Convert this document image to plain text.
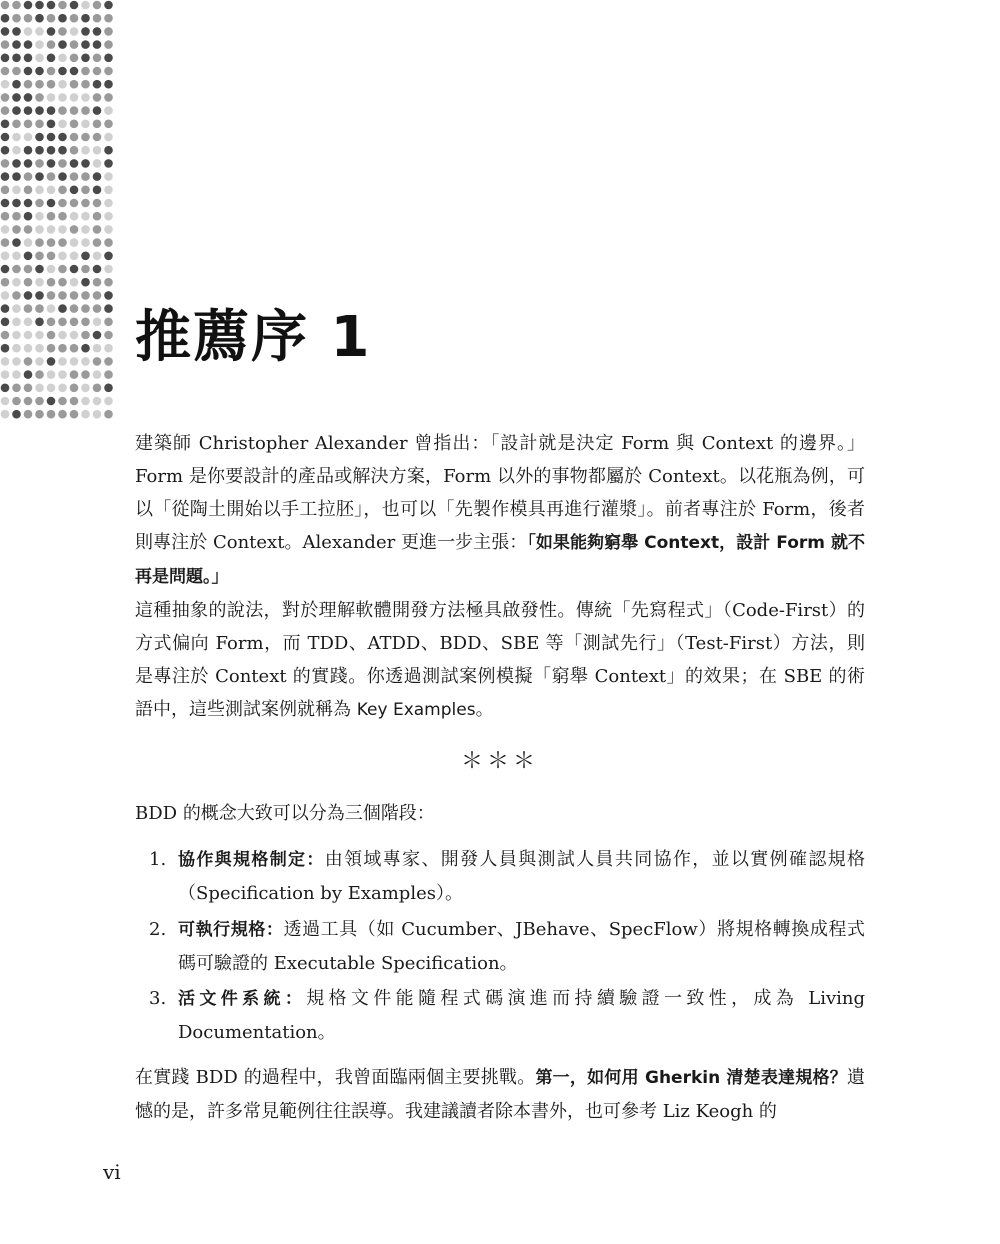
推薦序 1

建築師 Christopher Alexander 曾指出：「設計就是決定 Form 與 Context 的邊界。」Form 是你要設計的產品或解決方案，Form 以外的事物都屬於 Context。以花瓶為例，可以「從陶土開始以手工拉胚」，也可以「先製作模具再進行灌漿」。前者專注於 Form，後者則專注於 Context。Alexander 更進一步主張：「如果能夠窮舉 Context，設計 Form 就不再是問題。」

這種抽象的說法，對於理解軟體開發方法極具啟發性。傳統「先寫程式」（Code-First）的方式偏向 Form，而 TDD、ATDD、BDD、SBE 等「測試先行」（Test-First）方法，則是專注於 Context 的實踐。你透過測試案例模擬「窮舉 Context」的效果；在 SBE 的術語中，這些測試案例就稱為 Key Examples。

＊＊＊

BDD 的概念大致可以分為三個階段：

1. 協作與規格制定：由領域專家、開發人員與測試人員共同協作，並以實例確認規格（Specification by Examples）。
2. 可執行規格：透過工具（如 Cucumber、JBehave、SpecFlow）將規格轉換成程式碼可驗證的 Executable Specification。
3. 活文件系統：規格文件能隨程式碼演進而持續驗證一致性，成為 Living Documentation。

在實踐 BDD 的過程中，我曾面臨兩個主要挑戰。第一，如何用 Gherkin 清楚表達規格？遺憾的是，許多常見範例往往誤導。我建議讀者除本書外，也可參考 Liz Keogh 的

vi
